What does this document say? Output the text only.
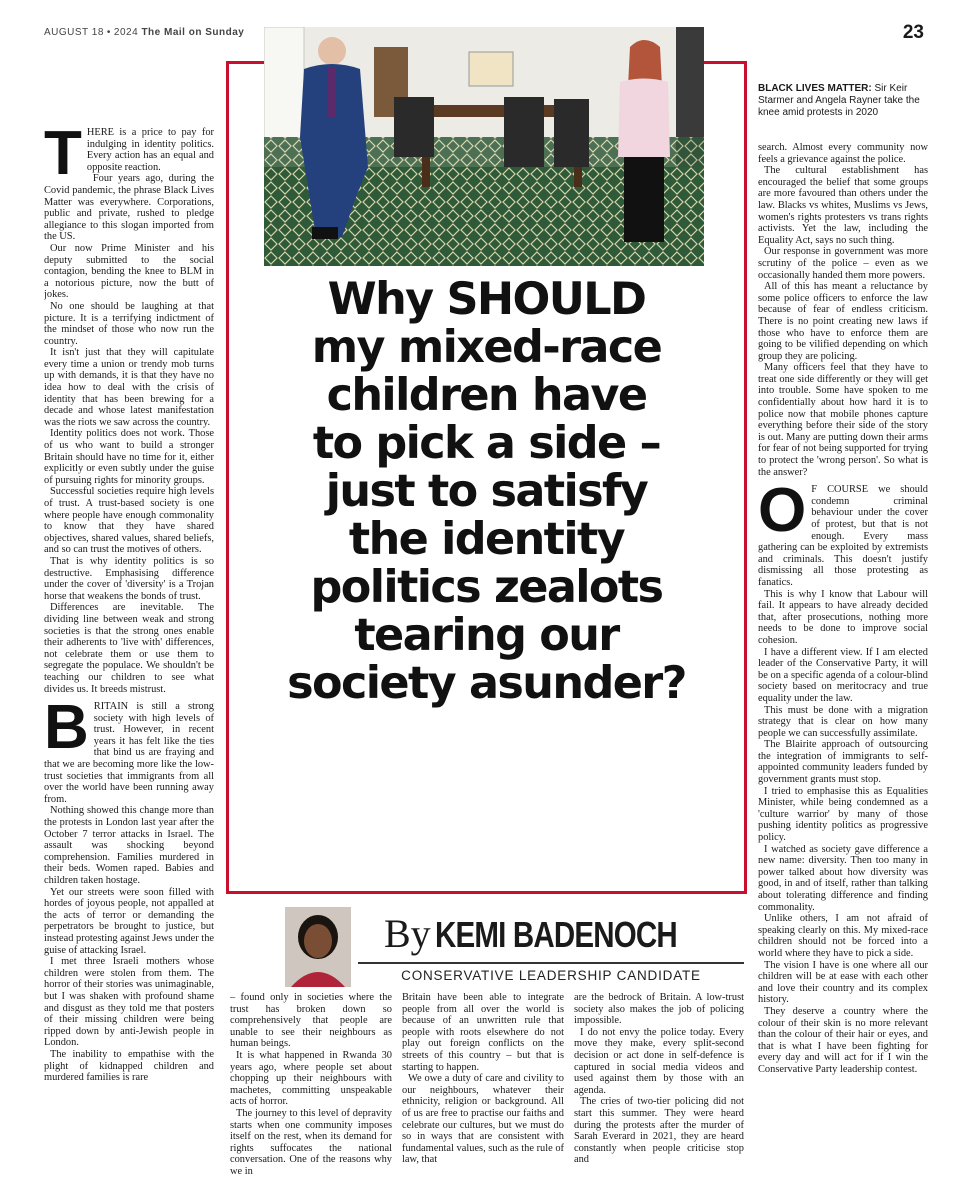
AUGUST 18 • 2024 The Mail on Sunday	23

THERE is a price to pay for indulging in identity politics. Every action has an equal and opposite reaction.

Four years ago, during the Covid pandemic, the phrase Black Lives Matter was everywhere. Corporations, public and private, rushed to pledge allegiance to this slogan imported from the US.

Our now Prime Minister and his deputy submitted to the social contagion, bending the knee to BLM in a notorious picture, now the butt of jokes.

No one should be laughing at that picture. It is a terrifying indictment of the mindset of those who now run the country.

It isn't just that they will capitulate every time a union or trendy mob turns up with demands, it is that they have no idea how to deal with the crisis of identity that has been brewing for a decade and whose latest manifestation was the riots we saw across the country.

Identity politics does not work. Those of us who want to build a stronger Britain should have no time for it, either explicitly or even subtly under the guise of pursuing rights for minority groups.

Successful societies require high levels of trust. A trust-based society is one where people have enough commonality to know that they have shared objectives, shared values, shared beliefs, and so can trust the motives of others.

That is why identity politics is so destructive. Emphasising difference under the cover of 'diversity' is a Trojan horse that weakens the bonds of trust.

Differences are inevitable. The dividing line between weak and strong societies is that the strong ones enable their adherents to 'live with' differences, not celebrate them or use them to segregate the populace. We shouldn't be teaching our children to see what divides us. It breeds mistrust.

BRITAIN is still a strong society with high levels of trust. However, in recent years it has felt like the ties that bind us are fraying and that we are becoming more like the low-trust societies that immigrants from all over the world have been running away from.

Nothing showed this change more than the protests in London last year after the October 7 terror attacks in Israel. The assault was shocking beyond comprehension. Families murdered in their beds. Women raped. Babies and children taken hostage.

Yet our streets were soon filled with hordes of joyous people, not appalled at the acts of terror or demanding the perpetrators be brought to justice, but instead protesting against Jews under the guise of attacking Israel.

I met three Israeli mothers whose children were stolen from them. The horror of their stories was unimaginable, but I was shaken with profound shame and disgust as they told me that posters of their missing children were being ripped down by anti-Jewish people in London.

The inability to empathise with the plight of kidnapped children and murdered families is rare

Why SHOULD
my mixed-race
children have
to pick a side –
just to satisfy
the identity
politics zealots
tearing our
society asunder?
BLACK LIVES MATTER: Sir Keir Starmer and Angela Rayner take the knee amid protests in 2020

search. Almost every community now feels a grievance against the police.

The cultural establishment has encouraged the belief that some groups are more favoured than others under the law. Blacks vs whites, Muslims vs Jews, women's rights protesters vs trans rights activists. Yet the law, including the Equality Act, says no such thing.

Our response in government was more scrutiny of the police – even as we occasionally handed them more powers.

All of this has meant a reluctance by some police officers to enforce the law because of fear of endless criticism. There is no point creating new laws if those who have to enforce them are going to be vilified depending on which group they are policing.

Many officers feel that they have to treat one side differently or they will get into trouble. Some have spoken to me confidentially about how hard it is to police now that mobile phones capture everything before their side of the story is out. Many are putting down their arms for fear of not being supported for trying to protect the 'wrong person'. So what is the answer?

O F COURSE we should condemn criminal behaviour under the cover of protest, but that is not enough. Every mass gathering can be exploited by extremists and criminals. This doesn't justify dismissing all those protesting as fanatics.

This is why I know that Labour will fail. It appears to have already decided that, after prosecutions, nothing more needs to be done to improve social cohesion.

I have a different view. If I am elected leader of the Conservative Party, it will be on a specific agenda of a colour-blind society based on meritocracy and true equality under the law.

This must be done with a migration strategy that is clear on how many people we can successfully assimilate.

The Blairite approach of outsourcing the integration of immigrants to self-appointed community leaders funded by government grants must stop.

I tried to emphasise this as Equalities Minister, while being condemned as a 'culture warrior' by many of those pushing identity politics as progressive policy.

I watched as society gave difference a new name: diversity. Then too many in power talked about how diversity was good, in and of itself, rather than talking about tolerating difference and finding commonality.

Unlike others, I am not afraid of speaking clearly on this. My mixed-race children should not be forced into a world where they have to pick a side.

The vision I have is one where all our children will be at ease with each other and love their country and its complex history.

They deserve a country where the colour of their skin is no more relevant than the colour of their hair or eyes, and that is what I have been fighting for every day and will act for if I win the Conservative Party leadership contest.

By KEMI BADENOCH
CONSERVATIVE LEADERSHIP CANDIDATE

– found only in societies where the trust has broken down so comprehensively that people are unable to see their neighbours as human beings.

It is what happened in Rwanda 30 years ago, where people set about chopping up their neighbours with machetes, committing unspeakable acts of horror.

The journey to this level of depravity starts when one community imposes itself on the rest, when its demand for rights suffocates the national conversation. One of the reasons why we in

Britain have been able to integrate people from all over the world is because of an unwritten rule that people with roots elsewhere do not play out foreign conflicts on the streets of this country – but that is starting to happen.

We owe a duty of care and civility to our neighbours, whatever their ethnicity, religion or background. All of us are free to practise our faiths and celebrate our cultures, but we must do so in ways that are consistent with fundamental values, such as the rule of law, that

are the bedrock of Britain. A low-trust society also makes the job of policing impossible.

I do not envy the police today. Every move they make, every split-second decision or act done in self-defence is captured in social media videos and used against them by those with an agenda.

The cries of two-tier policing did not start this summer. They were heard during the protests after the murder of Sarah Everard in 2021, they are heard constantly when people criticise stop and
